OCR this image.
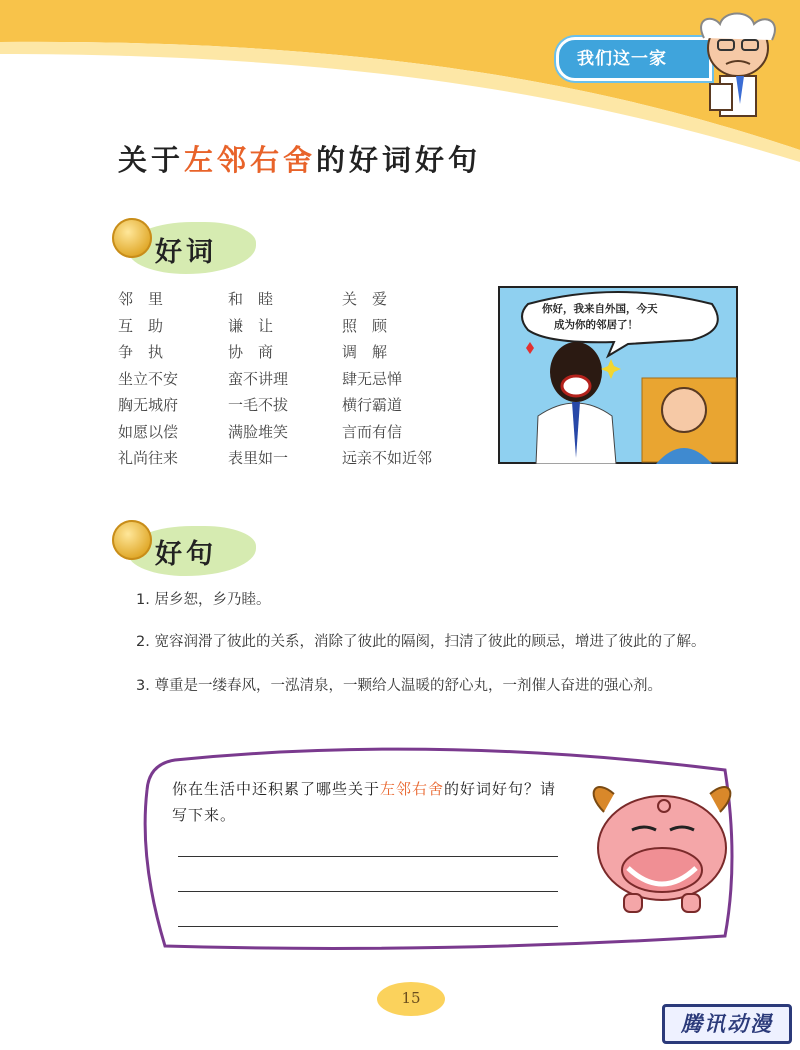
我们这一家
关于左邻右舍的好词好句
好词
邻　里	和　睦	关　爱
互　助	谦　让	照　顾
争　执	协　商	调　解
坐立不安	蛮不讲理	肆无忌惮
胸无城府	一毛不拔	横行霸道
如愿以偿	满脸堆笑	言而有信
礼尚往来	表里如一	远亲不如近邻
你好，我来自外国，今天
成为你的邻居了！
好句
1. 居乡恕，乡乃睦。
2. 宽容润滑了彼此的关系，消除了彼此的隔阂，扫清了彼此的顾忌，增进了彼此的了解。
3. 尊重是一缕春风，一泓清泉，一颗给人温暖的舒心丸，一剂催人奋进的强心剂。
你在生活中还积累了哪些关于左邻右舍的好词好句？请写下来。
15
腾讯动漫
